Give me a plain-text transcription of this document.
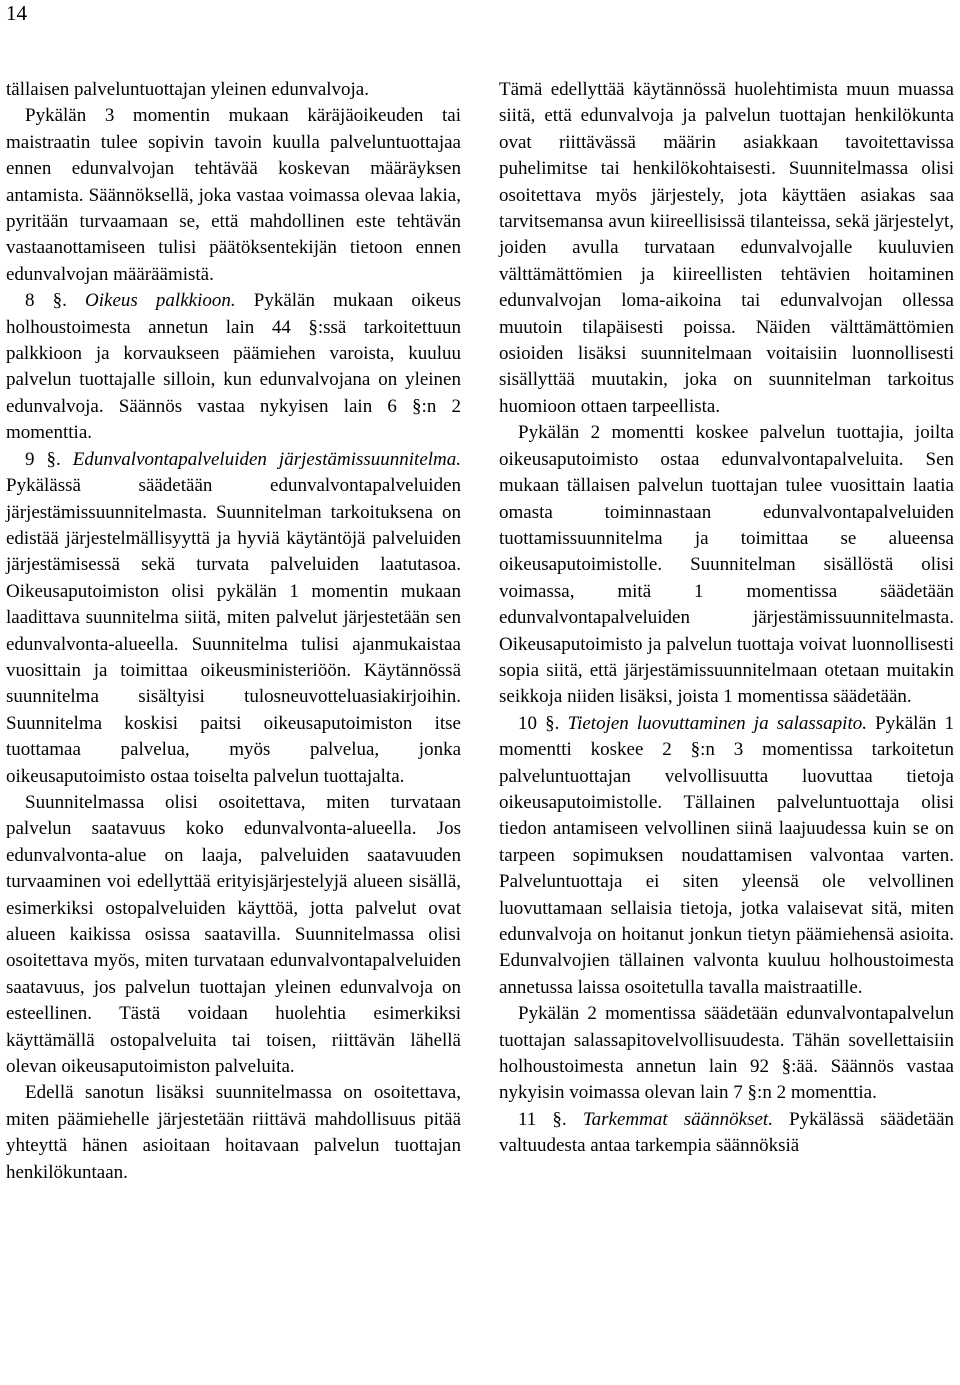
14

tällaisen palveluntuottajan yleinen edunvalvoja.

Pykälän 3 momentin mukaan käräjäoikeuden tai maistraatin tulee sopivin tavoin kuulla palveluntuottajaa ennen edunvalvojan tehtävää koskevan määräyksen antamista. Säännöksellä, joka vastaa voimassa olevaa lakia, pyritään turvaamaan se, että mahdollinen este tehtävän vastaanottamiseen tulisi päätöksentekijän tietoon ennen edunvalvojan määräämistä.

8 §. Oikeus palkkioon. Pykälän mukaan oikeus holhoustoimesta annetun lain 44 §:ssä tarkoitettuun palkkioon ja korvaukseen päämiehen varoista, kuuluu palvelun tuottajalle silloin, kun edunvalvojana on yleinen edunvalvoja. Säännös vastaa nykyisen lain 6 §:n 2 momenttia.

9 §. Edunvalvontapalveluiden järjestämissuunnitelma. Pykälässä säädetään edunvalvontapalveluiden järjestämissuunnitelmasta. Suunnitelman tarkoituksena on edistää järjestelmällisyyttä ja hyviä käytäntöjä palveluiden järjestämisessä sekä turvata palveluiden laatutasoa. Oikeusaputoimiston olisi pykälän 1 momentin mukaan laadittava suunnitelma siitä, miten palvelut järjestetään sen edunvalvonta-alueella. Suunnitelma tulisi ajanmukaistaa vuosittain ja toimittaa oikeusministeriöön. Käytännössä suunnitelma sisältyisi tulosneuvotteluasiakirjoihin. Suunnitelma koskisi paitsi oikeusaputoimiston itse tuottamaa palvelua, myös palvelua, jonka oikeusaputoimisto ostaa toiselta palvelun tuottajalta.

Suunnitelmassa olisi osoitettava, miten turvataan palvelun saatavuus koko edunvalvonta-alueella. Jos edunvalvonta-alue on laaja, palveluiden saatavuuden turvaaminen voi edellyttää erityisjärjestelyjä alueen sisällä, esimerkiksi ostopalveluiden käyttöä, jotta palvelut ovat alueen kaikissa osissa saatavilla. Suunnitelmassa olisi osoitettava myös, miten turvataan edunvalvontapalveluiden saatavuus, jos palvelun tuottajan yleinen edunvalvoja on esteellinen. Tästä voidaan huolehtia esimerkiksi käyttämällä ostopalveluita tai toisen, riittävän lähellä olevan oikeusaputoimiston palveluita.

Edellä sanotun lisäksi suunnitelmassa on osoitettava, miten päämiehelle järjestetään riittävä mahdollisuus pitää yhteyttä hänen asioitaan hoitavaan palvelun tuottajan henkilökuntaan.

Tämä edellyttää käytännössä huolehtimista muun muassa siitä, että edunvalvoja ja palvelun tuottajan henkilökunta ovat riittävässä määrin asiakkaan tavoitettavissa puhelimitse tai henkilökohtaisesti. Suunnitelmassa olisi osoitettava myös järjestely, jota käyttäen asiakas saa tarvitsemansa avun kiireellisissä tilanteissa, sekä järjestelyt, joiden avulla turvataan edunvalvojalle kuuluvien välttämättömien ja kiireellisten tehtävien hoitaminen edunvalvojan loma-aikoina tai edunvalvojan ollessa muutoin tilapäisesti poissa. Näiden välttämättömien osioiden lisäksi suunnitelmaan voitaisiin luonnollisesti sisällyttää muutakin, joka on suunnitelman tarkoitus huomioon ottaen tarpeellista.

Pykälän 2 momentti koskee palvelun tuottajia, joilta oikeusaputoimisto ostaa edunvalvontapalveluita. Sen mukaan tällaisen palvelun tuottajan tulee vuosittain laatia omasta toiminnastaan edunvalvontapalveluiden tuottamissuunnitelma ja toimittaa se alueensa oikeusaputoimistolle. Suunnitelman sisällöstä olisi voimassa, mitä 1 momentissa säädetään edunvalvontapalveluiden järjestämissuunnitelmasta. Oikeusaputoimisto ja palvelun tuottaja voivat luonnollisesti sopia siitä, että järjestämissuunnitelmaan otetaan muitakin seikkoja niiden lisäksi, joista 1 momentissa säädetään.

10 §. Tietojen luovuttaminen ja salassapito. Pykälän 1 momentti koskee 2 §:n 3 momentissa tarkoitetun palveluntuottajan velvollisuutta luovuttaa tietoja oikeusaputoimistolle. Tällainen palveluntuottaja olisi tiedon antamiseen velvollinen siinä laajuudessa kuin se on tarpeen sopimuksen noudattamisen valvontaa varten. Palveluntuottaja ei siten yleensä ole velvollinen luovuttamaan sellaisia tietoja, jotka valaisevat sitä, miten edunvalvoja on hoitanut jonkun tietyn päämiehensä asioita. Edunvalvojien tällainen valvonta kuuluu holhoustoimesta annetussa laissa osoitetulla tavalla maistraatille.

Pykälän 2 momentissa säädetään edunvalvontapalvelun tuottajan salassapitovelvollisuudesta. Tähän sovellettaisiin holhoustoimesta annetun lain 92 §:ää. Säännös vastaa nykyisin voimassa olevan lain 7 §:n 2 momenttia.

11 §. Tarkemmat säännökset. Pykälässä säädetään valtuudesta antaa tarkempia säännöksiä
